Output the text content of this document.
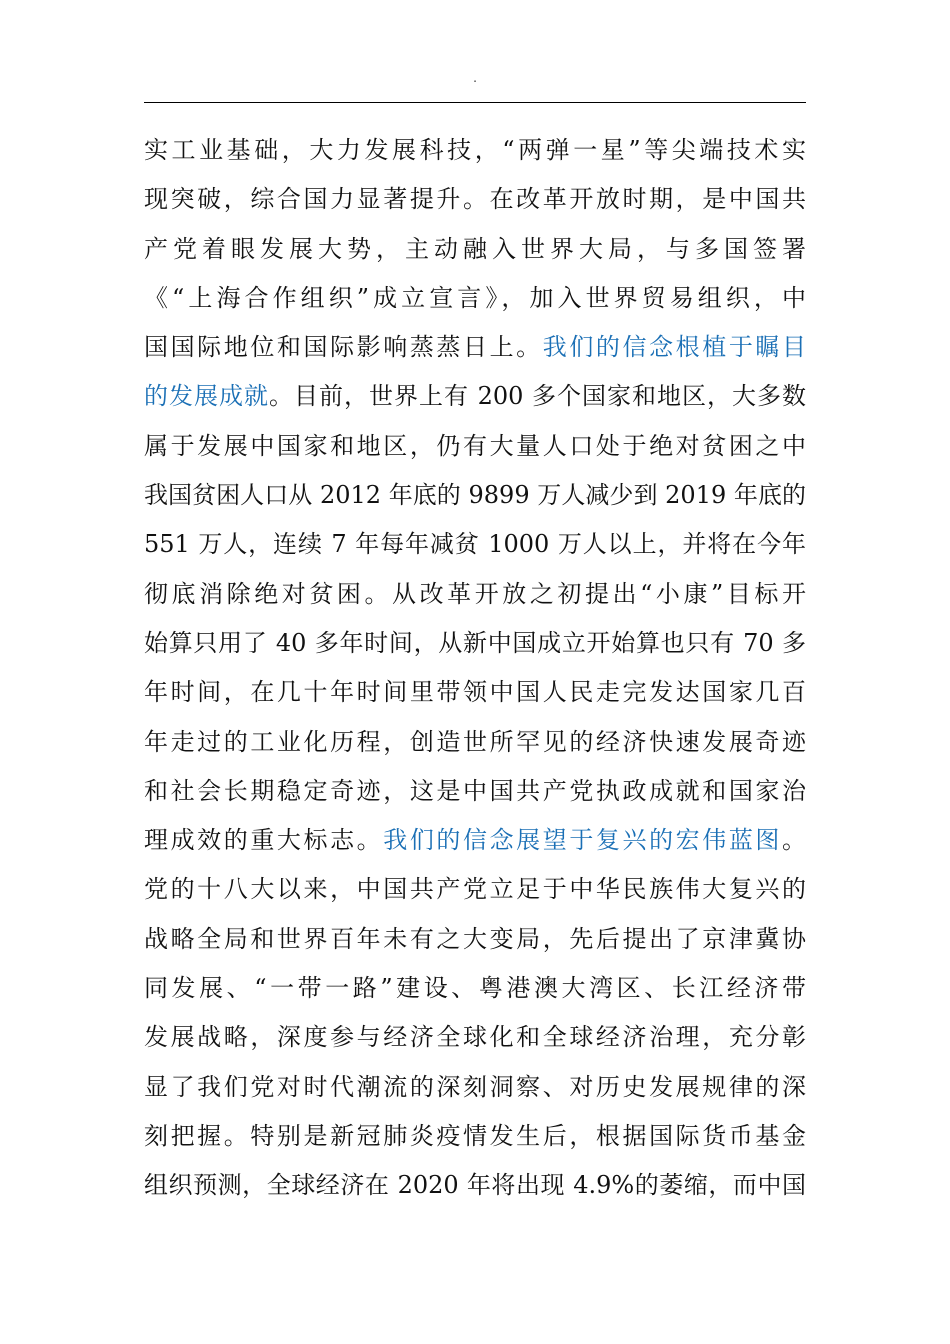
.
实工业基础，大力发展科技，“两弹一星”等尖端技术实
现突破，综合国力显著提升。在改革开放时期，是中国共
产党着眼发展大势，主动融入世界大局，与多国签署
《“上海合作组织”成立宣言》，加入世界贸易组织，中
国国际地位和国际影响蒸蒸日上。我们的信念根植于瞩目
的发展成就。目前，世界上有 200 多个国家和地区，大多数
属于发展中国家和地区，仍有大量人口处于绝对贫困之中
我国贫困人口从 2012 年底的 9899 万人减少到 2019 年底的
551 万人，连续 7 年每年减贫 1000 万人以上，并将在今年
彻底消除绝对贫困。从改革开放之初提出“小康”目标开
始算只用了 40 多年时间，从新中国成立开始算也只有 70 多
年时间，在几十年时间里带领中国人民走完发达国家几百
年走过的工业化历程，创造世所罕见的经济快速发展奇迹
和社会长期稳定奇迹，这是中国共产党执政成就和国家治
理成效的重大标志。我们的信念展望于复兴的宏伟蓝图。
党的十八大以来，中国共产党立足于中华民族伟大复兴的
战略全局和世界百年未有之大变局，先后提出了京津冀协
同发展、“一带一路”建设、粤港澳大湾区、长江经济带
发展战略，深度参与经济全球化和全球经济治理，充分彰
显了我们党对时代潮流的深刻洞察、对历史发展规律的深
刻把握。特别是新冠肺炎疫情发生后，根据国际货币基金
组织预测，全球经济在 2020 年将出现 4.9%的萎缩，而中国
